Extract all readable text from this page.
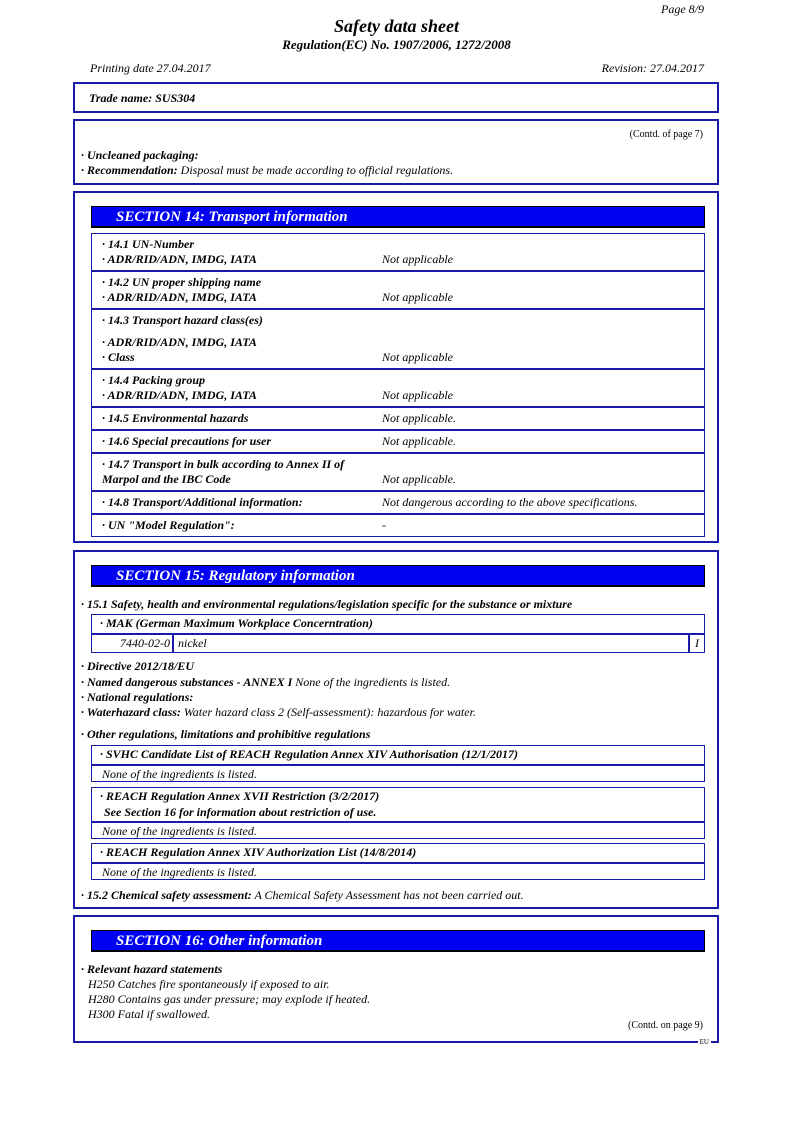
Page 8/9
Safety data sheet
Regulation(EC) No. 1907/2006, 1272/2008
Printing date 27.04.2017	Revision: 27.04.2017
Trade name: SUS304
(Contd. of page 7)
· Uncleaned packaging:
· Recommendation: Disposal must be made according to official regulations.
SECTION 14: Transport information
· 14.1 UN-Number
· ADR/RID/ADN, IMDG, IATA	Not applicable
· 14.2 UN proper shipping name
· ADR/RID/ADN, IMDG, IATA	Not applicable
· 14.3 Transport hazard class(es)
· ADR/RID/ADN, IMDG, IATA
· Class	Not applicable
· 14.4 Packing group
· ADR/RID/ADN, IMDG, IATA	Not applicable
· 14.5 Environmental hazards	Not applicable.
· 14.6 Special precautions for user	Not applicable.
· 14.7 Transport in bulk according to Annex II of
Marpol and the IBC Code	Not applicable.
· 14.8 Transport/Additional information:	Not dangerous according to the above specifications.
· UN "Model Regulation":	-
SECTION 15: Regulatory information
· 15.1 Safety, health and environmental regulations/legislation specific for the substance or mixture
· MAK (German Maximum Workplace Concerntration)
7440-02-0 nickel	I
· Directive 2012/18/EU
· Named dangerous substances - ANNEX I None of the ingredients is listed.
· National regulations:
· Waterhazard class: Water hazard class 2 (Self-assessment): hazardous for water.
· Other regulations, limitations and prohibitive regulations
· SVHC Candidate List of REACH Regulation Annex XIV Authorisation (12/1/2017)
None of the ingredients is listed.
· REACH Regulation Annex XVII Restriction (3/2/2017)
See Section 16 for information about restriction of use.
None of the ingredients is listed.
· REACH Regulation Annex XIV Authorization List (14/8/2014)
None of the ingredients is listed.
· 15.2 Chemical safety assessment: A Chemical Safety Assessment has not been carried out.
SECTION 16: Other information
· Relevant hazard statements
H250 Catches fire spontaneously if exposed to air.
H280 Contains gas under pressure; may explode if heated.
H300 Fatal if swallowed.
(Contd. on page 9)
EU
